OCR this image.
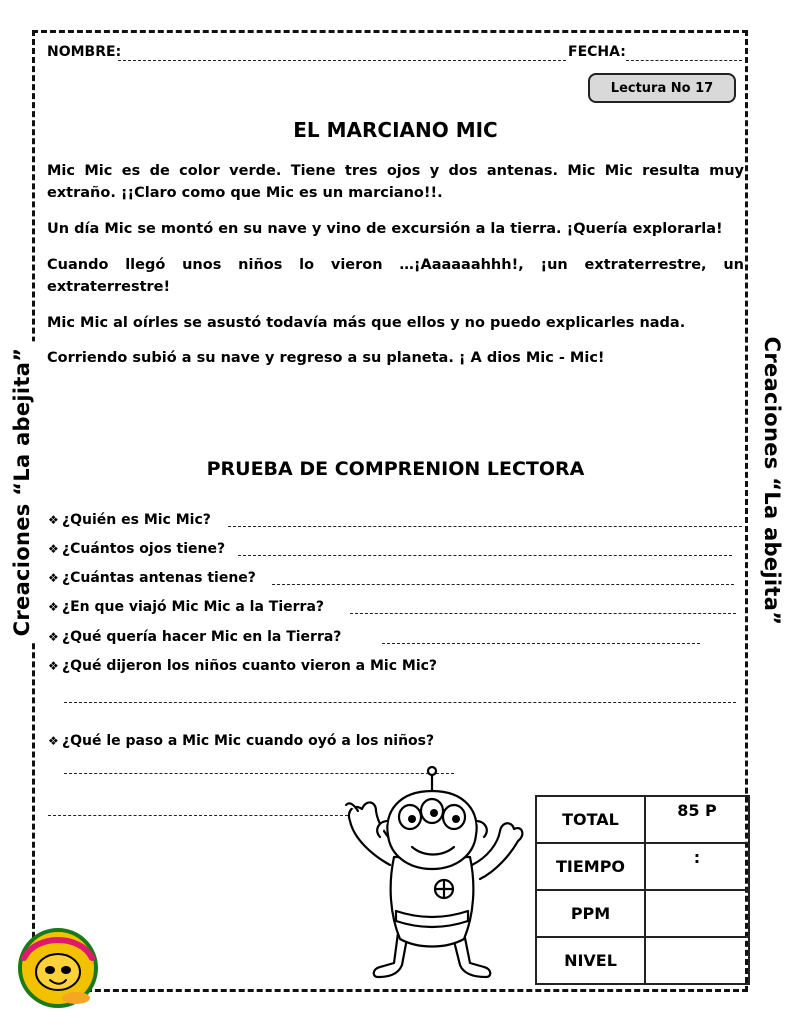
Creaciones “La abejita”	Creaciones “La abejita”
NOMBRE:	FECHA:
Lectura No 17
EL MARCIANO MIC

Mic Mic es de color verde. Tiene tres ojos y dos antenas. Mic Mic resulta muy extraño. ¡¡Claro como que Mic es un marciano!!.

Un día Mic se montó en su nave y vino de excursión a la tierra. ¡Quería explorarla!

Cuando llegó unos niños lo vieron …¡Aaaaaahhh!, ¡un extraterrestre, un extraterrestre!

Mic Mic al oírles se asustó todavía más que ellos y no puedo explicarles nada.

Corriendo subió a su nave y regreso a su planeta. ¡ A dios Mic - Mic!

PRUEBA DE COMPRENION LECTORA
❖ ¿Quién es Mic Mic?
❖ ¿Cuántos ojos tiene?
❖ ¿Cuántas antenas tiene?
❖ ¿En que viajó Mic Mic a la Tierra?
❖ ¿Qué quería hacer Mic en la Tierra?
❖ ¿Qué dijeron los niños cuanto vieron a Mic Mic?
❖ ¿Qué le paso a Mic Mic cuando oyó a los niños?
TOTAL	85 P
TIEMPO	:
PPM	
NIVEL	
